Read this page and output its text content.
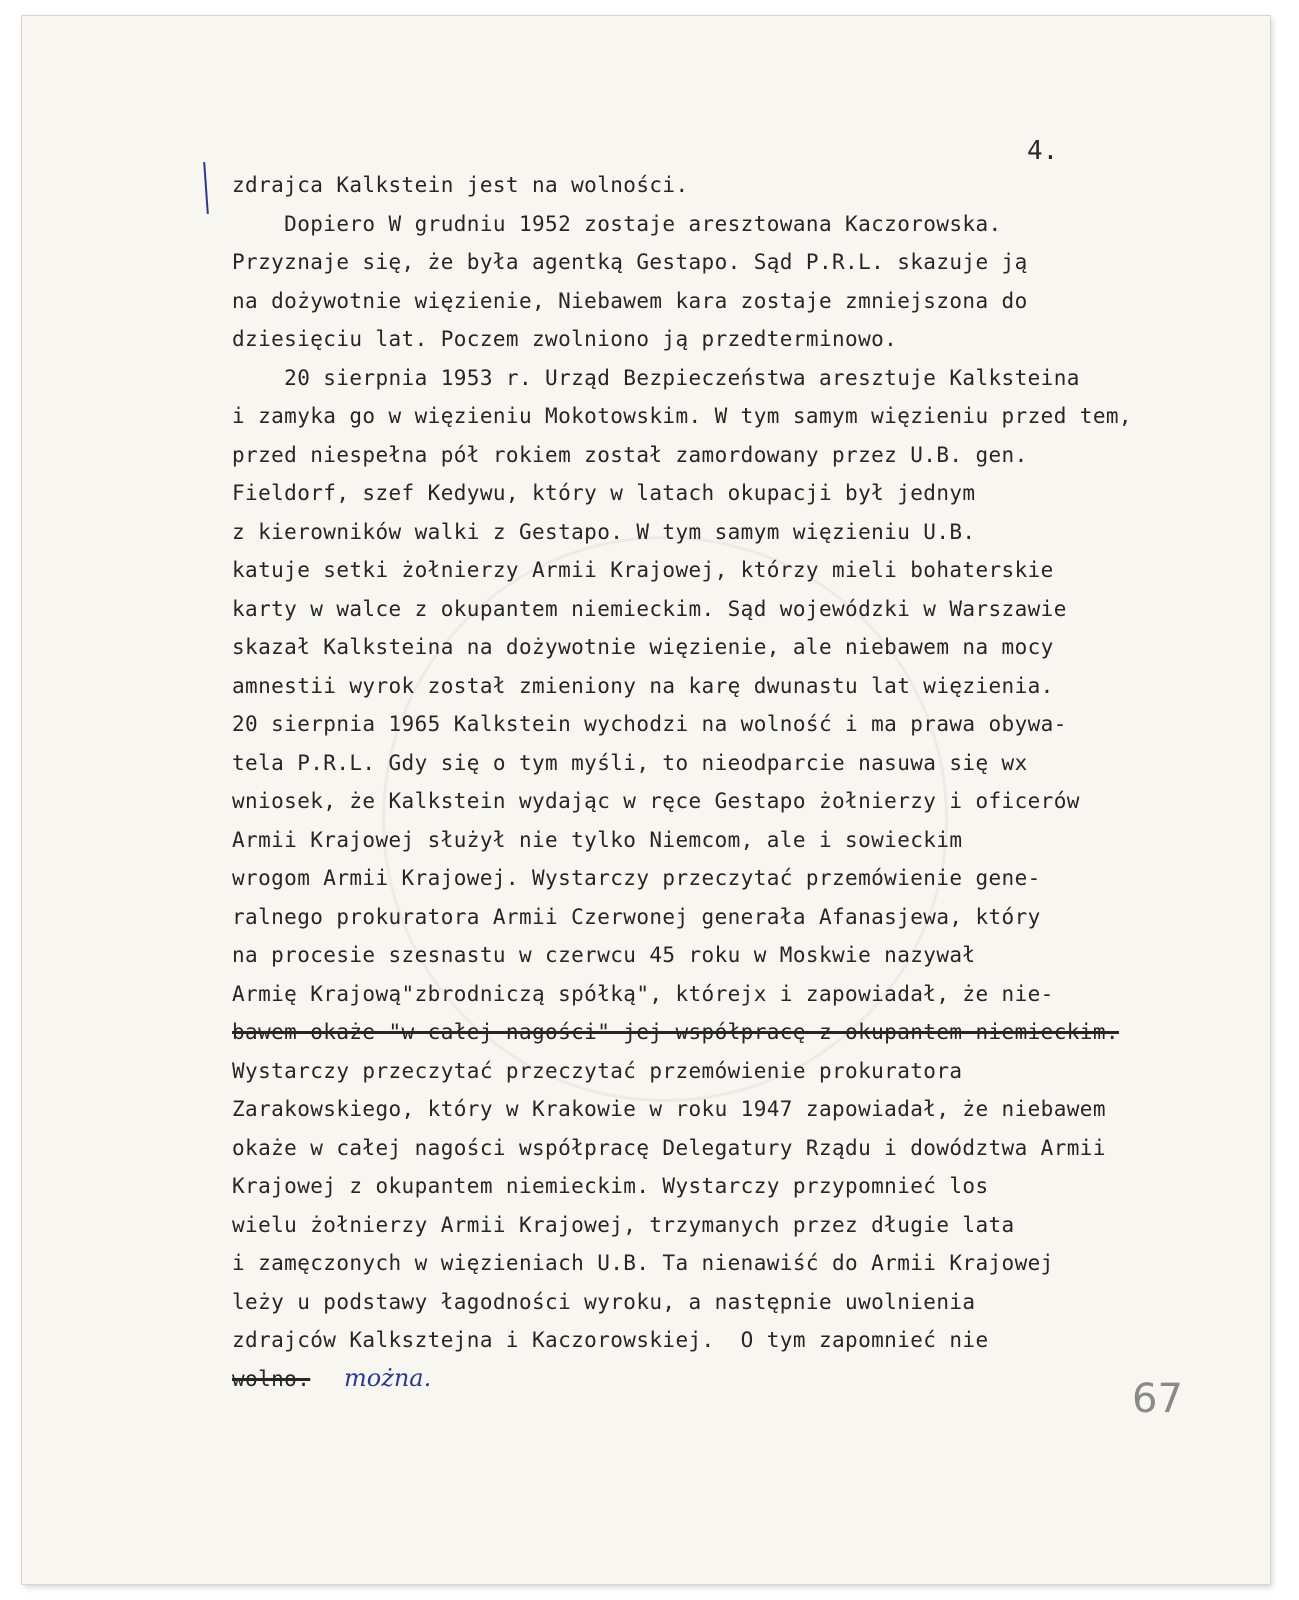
4.
zdrajca Kalkstein jest na wolności.
Dopiero W grudniu 1952 zostaje aresztowana Kaczorowska.
Przyznaje się, że była agentką Gestapo. Sąd P.R.L. skazuje ją
na dożywotnie więzienie, Niebawem kara zostaje zmniejszona do
dziesięciu lat. Poczem zwolniono ją przedterminowo.
20 sierpnia 1953 r. Urząd Bezpieczeństwa aresztuje Kalksteina
i zamyka go w więzieniu Mokotowskim. W tym samym więzieniu przed tem,
przed niespełna pół rokiem został zamordowany przez U.B. gen.
Fieldorf, szef Kedywu, który w latach okupacji był jednym
z kierowników walki z Gestapo. W tym samym więzieniu U.B.
katuje setki żołnierzy Armii Krajowej, którzy mieli bohaterskie
karty w walce z okupantem niemieckim. Sąd wojewódzki w Warszawie
skazał Kalksteina na dożywotnie więzienie, ale niebawem na mocy
amnestii wyrok został zmieniony na karę dwunastu lat więzienia.
20 sierpnia 1965 Kalkstein wychodzi na wolność i ma prawa obywa-
tela P.R.L. Gdy się o tym myśli, to nieodparcie nasuwa się wx
wniosek, że Kalkstein wydając w ręce Gestapo żołnierzy i oficerów
Armii Krajowej służył nie tylko Niemcom, ale i sowieckim
wrogom Armii Krajowej. Wystarczy przeczytać przemówienie gene-
ralnego prokuratora Armii Czerwonej generała Afanasjewa, który
na procesie szesnastu w czerwcu 45 roku w Moskwie nazywał
Armię Krajową"zbrodniczą spółką", którejx i zapowiadał, że nie-
bawem okaże "w całej nagości" jej współpracę z okupantem niemieckim.
Wystarczy przeczytać przeczytać przemówienie prokuratora
Zarakowskiego, który w Krakowie w roku 1947 zapowiadał, że niebawem
okaże w całej nagości współpracę Delegatury Rządu i dowództwa Armii
Krajowej z okupantem niemieckim. Wystarczy przypomnieć los
wielu żołnierzy Armii Krajowej, trzymanych przez długie lata
i zamęczonych w więzieniach U.B. Ta nienawiść do Armii Krajowej
leży u podstawy łagodności wyroku, a następnie uwolnienia
zdrajców Kalksztejna i Kaczorowskiej.  O tym zapomnieć nie
wolno.	można.	67
